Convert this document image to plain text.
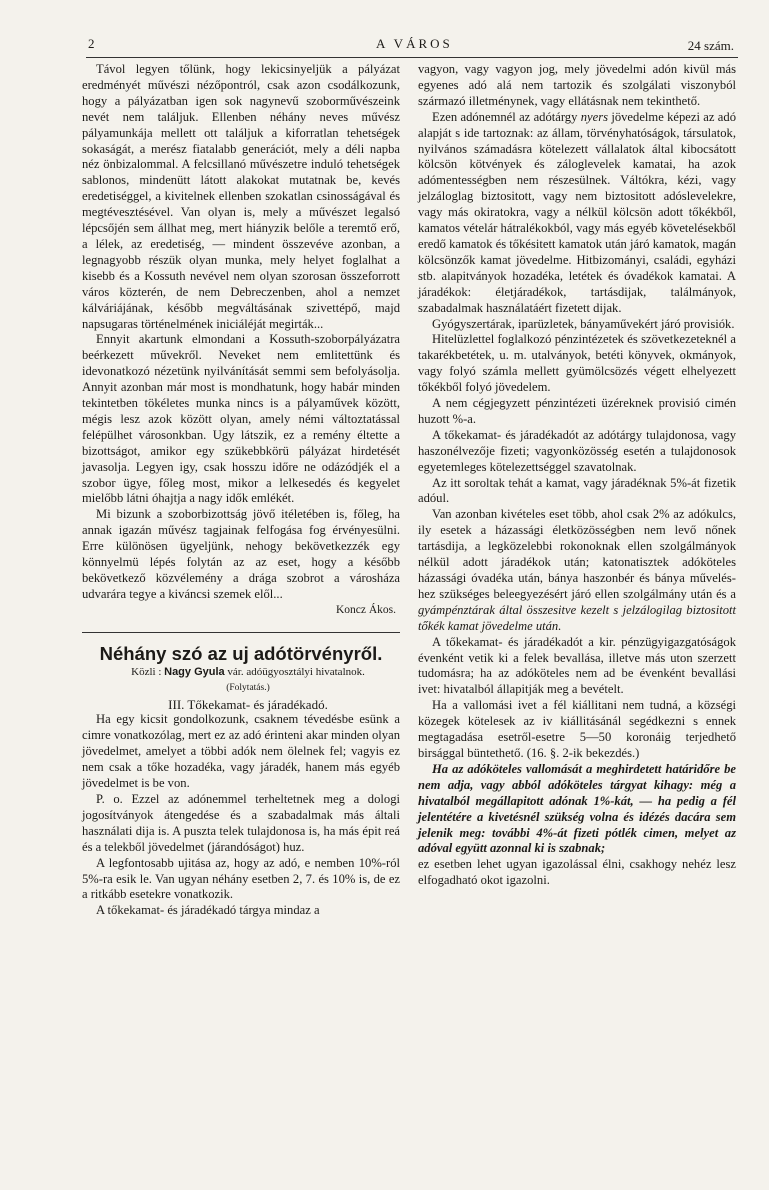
2	A VÁROS	24 szám.

Távol legyen tőlünk, hogy lekicsinyeljük a pályázat eredményét művészi nézőpontról, csak azon csodálkozunk, hogy a pályázatban igen sok nagynevű szoborművészeink nevét nem találjuk. Ellenben néhány neves művész pályamunkája mellett ott találjuk a kiforratlan tehetségek sokaságát, a merész fiatalabb generációt, mely a déli napba néz önbizalommal. A felcsillanó művészetre induló tehetségek sablonos, mindenütt látott alakokat mutatnak be, kevés eredetiséggel, a kivitelnek ellenben szokatlan csinosságával és megtévesztésével. Van olyan is, mely a művészet legalsó lépcsőjén sem állhat meg, mert hiányzik belőle a teremtő erő, a lélek, az eredetiség, — mindent összevéve azonban, a legnagyobb részük olyan munka, mely helyet foglalhat a kisebb és a Kossuth nevével nem olyan szorosan összeforrott város közterén, de nem Debreczenben, ahol a nemzet kálváriájának, később megváltásának szivettépő, majd napsugaras történelmének iniciáléját megirták...

Ennyit akartunk elmondani a Kossuth-szoborpályázatra beérkezett művekről. Neveket nem emlitettünk és idevonatkozó nézetünk nyilvánítását semmi sem befolyásolja. Annyit azonban már most is mondhatunk, hogy habár minden tekintetben tökéletes munka nincs is a pályaművek között, mégis lesz azok között olyan, amely némi változtatással felépülhet városonkban. Ugy látszik, ez a remény éltette a bizottságot, amikor egy szükebbkörü pályázat hirdetését javasolja. Legyen igy, csak hosszu időre ne odázódjék el a szobor ügye, főleg most, mikor a lelkesedés és kegyelet mielőbb látni óhajtja a nagy idők emlékét.

Mi bizunk a szoborbizottság jövő itéletében is, főleg, ha annak igazán művész tagjainak felfogása fog érvényesülni. Erre különösen ügyeljünk, nehogy bekövetkezzék egy könnyelmü lépés folytán az az eset, hogy a később bekövetkező közvélemény a drága szobrot a városháza udvarára tegye a kiváncsi szemek elől...

Koncz Ákos.

Néhány szó az uj adótörvényről.

Közli : Nagy Gyula vár. adóügyosztályi hivatalnok.

(Folytatás.)

III. Tőkekamat- és járadékadó.

Ha egy kicsit gondolkozunk, csaknem tévedésbe esünk a cimre vonatkozólag, mert ez az adó érinteni akar minden olyan jövedelmet, amelyet a többi adók nem ölelnek fel; vagyis ez nem csak a tőke hozadéka, vagy járadék, hanem más egyéb jövedelmet is be von.

P. o. Ezzel az adónemmel terheltetnek meg a dologi jogosítványok átengedése és a szabadalmak más általi használati dija is. A puszta telek tulajdonosa is, ha más épit reá és a telekből jövedelmet (járandóságot) huz.

A legfontosabb ujitása az, hogy az adó, e nemben 10%-ról 5%-ra esik le. Van ugyan néhány esetben 2, 7. és 10% is, de ez a ritkább esetekre vonatkozik.

A tőkekamat- és járadékadó tárgya mindaz a

vagyon, vagy vagyon jog, mely jövedelmi adón kivül más egyenes adó alá nem tartozik és szolgálati viszonyból származó illetménynek, vagy ellátásnak nem tekinthető.

Ezen adónemnél az adótárgy nyers jövedelme képezi az adó alapját s ide tartoznak: az állam, törvényhatóságok, társulatok, nyilvános számadásra kötelezett vállalatok által kibocsátott kölcsön kötvények és záloglevelek kamatai, ha azok adómentességben nem részesülnek. Váltókra, kézi, vagy jelzáloglag biztositott, vagy nem biztositott adóslevelekre, vagy más okiratokra, vagy a nélkül kölcsön adott tőkékből, kamatos vételár hátralékokból, vagy más egyéb követelésekből eredő kamatok és tőkésitett kamatok után járó kamatok, magán kölcsönzők kamat jövedelme. Hitbizományi, családi, egyházi stb. alapitványok hozadéka, letétek és óvadékok kamatai. A járadékok: életjáradékok, tartásdijak, találmányok, szabadalmak használatáért fizetett dijak.

Gyógyszertárak, iparüzletek, bányaművekért járó provisiók.

Hitelüzlettel foglalkozó pénzintézetek és szövetkezeteknél a takarékbetétek, u. m. utalványok, betéti könyvek, okmányok, vagy folyó számla mellett gyümölcsözés végett elhelyezett tőkékből folyó jövedelem.

A nem cégjegyzett pénzintézeti üzéreknek provisió cimén huzott %-a.

A tőkekamat- és járadékadót az adótárgy tulajdonosa, vagy haszonélvezője fizeti; vagyonközösség esetén a tulajdonosok egyetemleges kötelezettséggel szavatolnak.

Az itt soroltak tehát a kamat, vagy járadéknak 5%-át fizetik adóul.

Van azonban kivételes eset több, ahol csak 2% az adókulcs, ily esetek a házassági életközösségben nem levő nőnek tartásdija, a legközelebbi rokonoknak ellen szolgálmányok nélkül adott járadékok után; katonatisztek adóköteles házassági óvadéka után, bánya haszonbér és bánya műveléshez szükséges beleegyezésért járó ellen szolgálmány után és a gyámpénztárak által összesitve kezelt s jelzálogilag biztositott tőkék kamat jövedelme után.

A tőkekamat- és járadékadót a kir. pénzügyigazgatóságok évenként vetik ki a felek bevallása, illetve más uton szerzett tudomásra; ha az adóköteles nem ad be évenként bevallási ivet: hivatalból állapitják meg a bevételt.

Ha a vallomási ivet a fél kiállitani nem tudná, a községi közegek kötelesek az iv kiállitásánál segédkezni s ennek megtagadása esetről-esetre 5—50 koronáig terjedhető birsággal büntethető. (16. §. 2-ik bekezdés.)

Ha az adóköteles vallomását a meghirdetett határidőre be nem adja, vagy abból adóköteles tárgyat kihagy: még a hivatalból megállapitott adónak 1%-kát, — ha pedig a fél jelentétére a kivetésnél szükség volna és idézés dacára sem jelenik meg: további 4%-át fizeti pótlék cimen, melyet az adóval együtt azonnal ki is szabnak;

ez esetben lehet ugyan igazolással élni, csakhogy nehéz lesz elfogadható okot igazolni.
